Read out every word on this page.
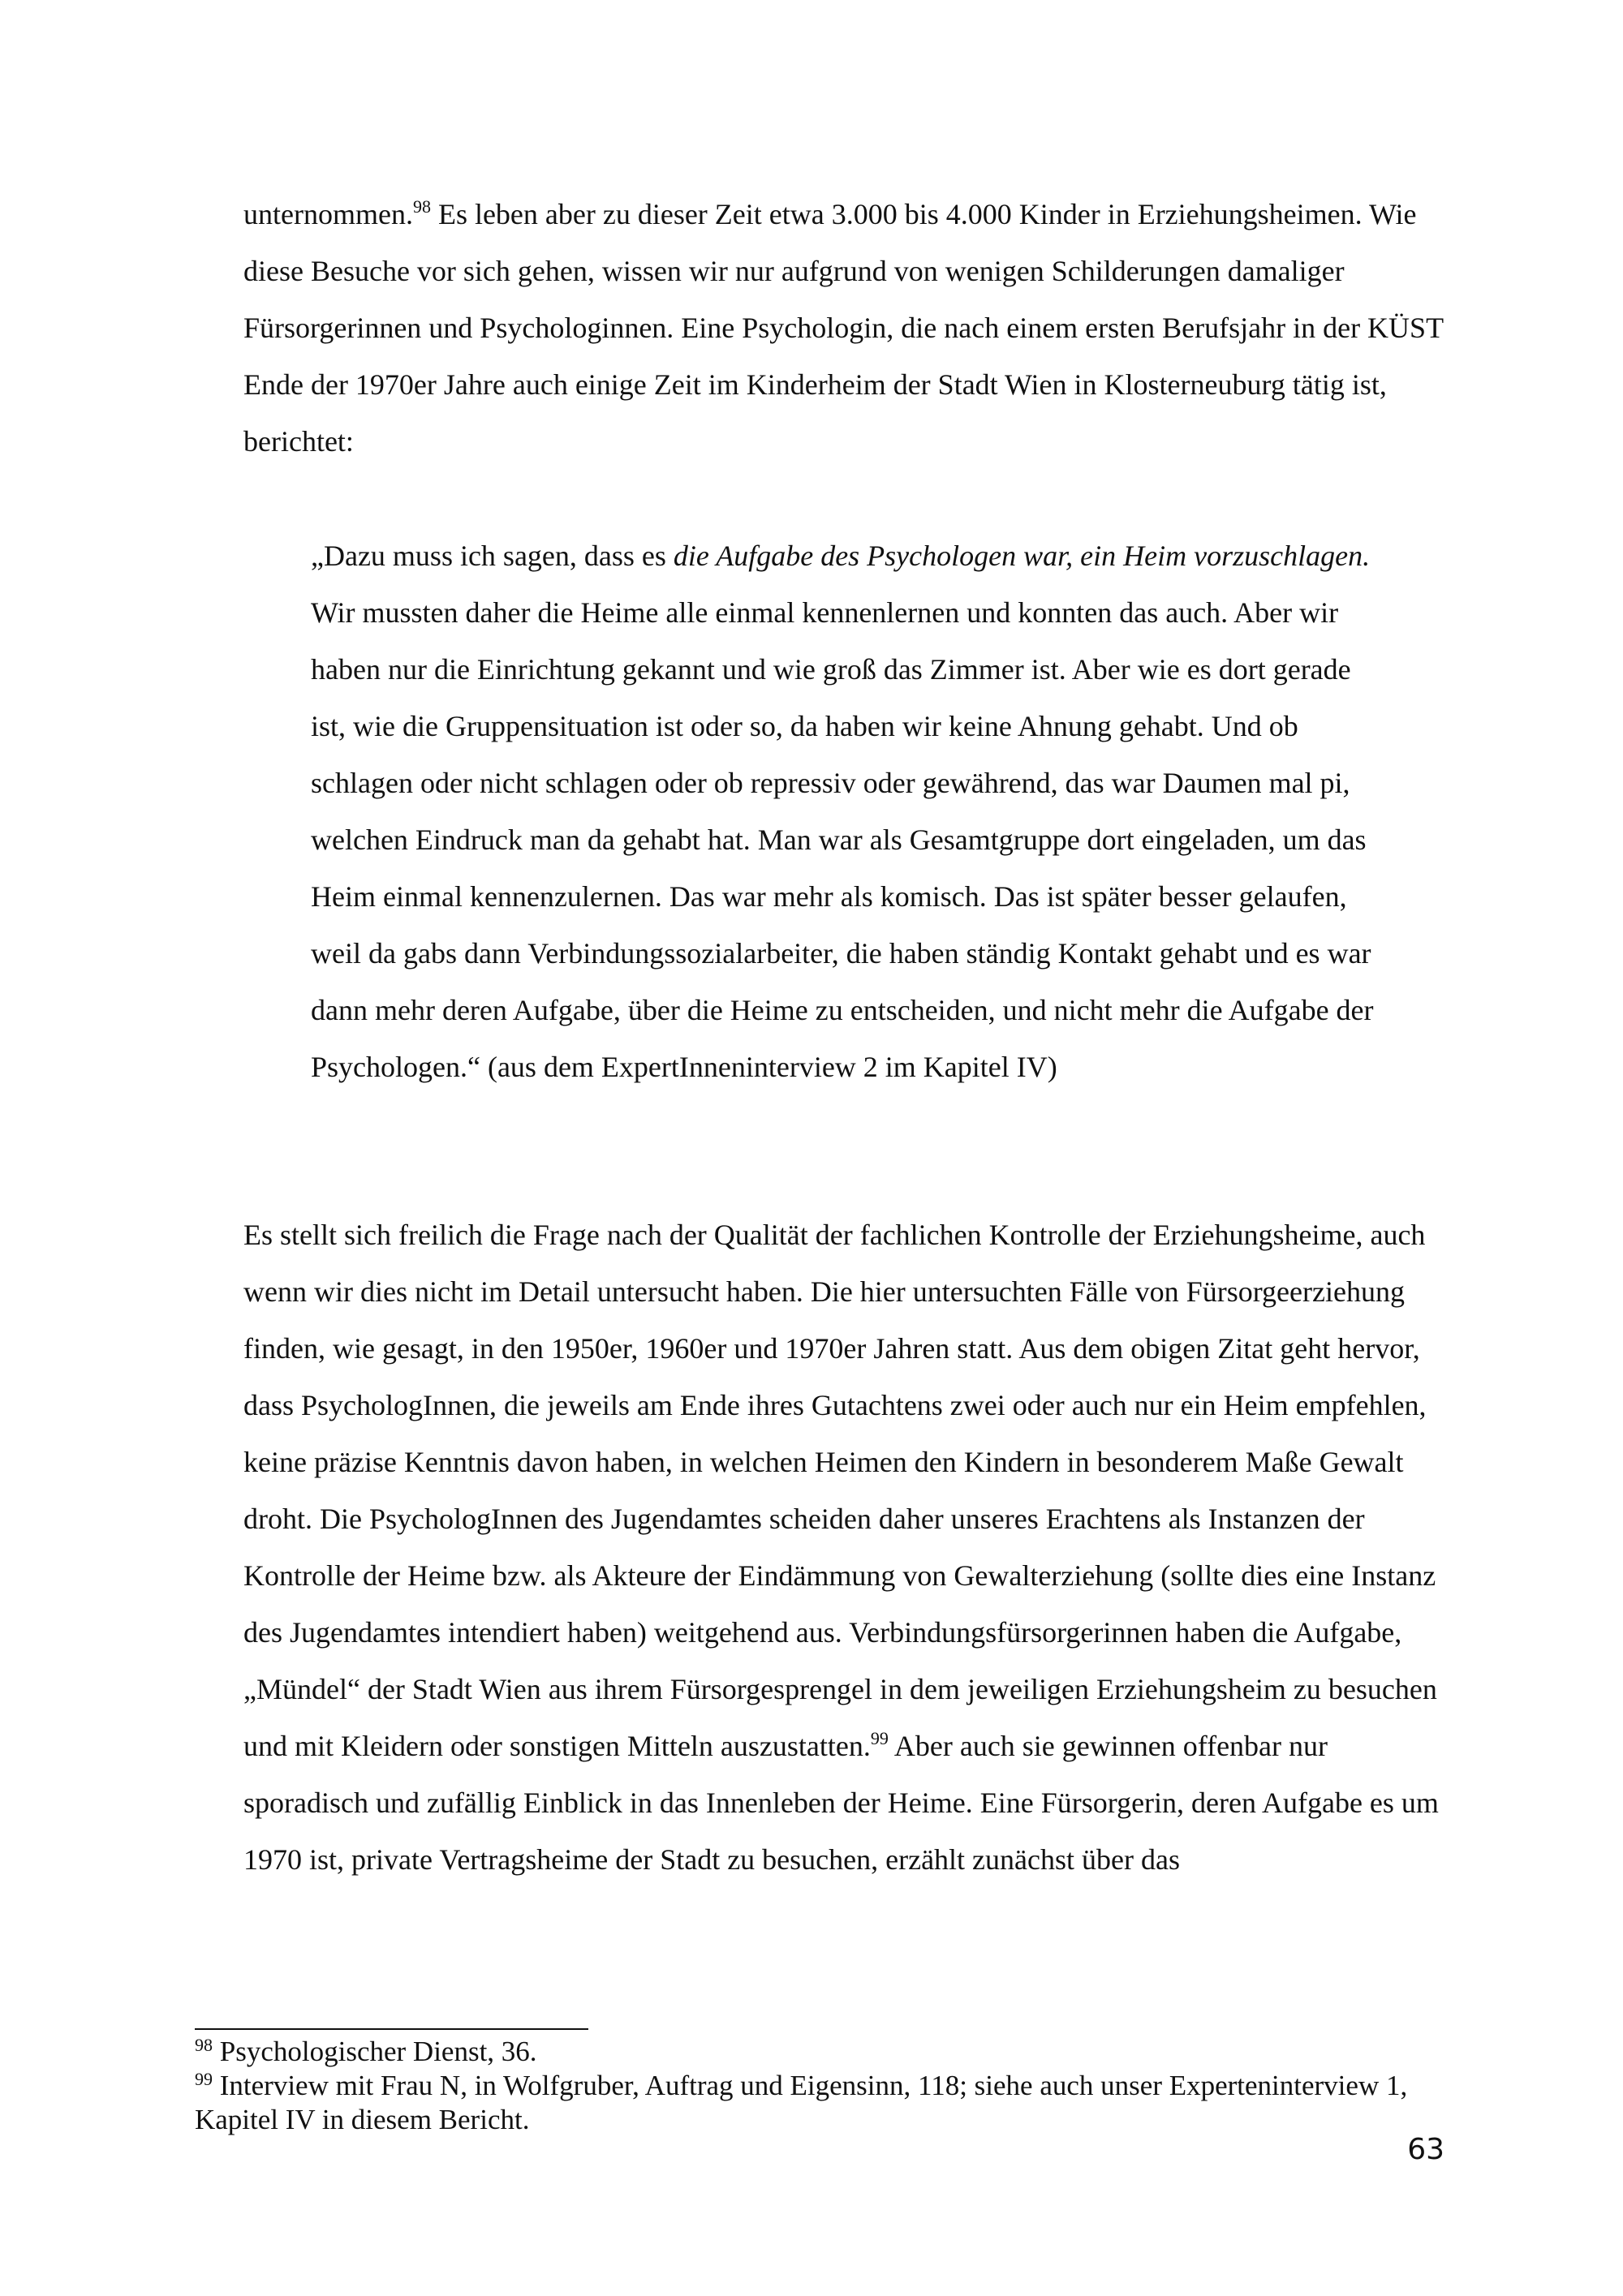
unternommen.$^{98}$ Es leben aber zu dieser Zeit etwa 3.000 bis 4.000 Kinder in Erziehungsheimen. Wie diese Besuche vor sich gehen, wissen wir nur aufgrund von wenigen Schilderungen damaliger Fürsorgerinnen und Psychologinnen. Eine Psychologin, die nach einem ersten Berufsjahr in der KÜST Ende der 1970er Jahre auch einige Zeit im Kinderheim der Stadt Wien in Klosterneuburg tätig ist, berichtet:

„Dazu muss ich sagen, dass es die Aufgabe des Psychologen war, ein Heim vorzuschlagen. Wir mussten daher die Heime alle einmal kennenlernen und konnten das auch. Aber wir haben nur die Einrichtung gekannt und wie groß das Zimmer ist. Aber wie es dort gerade ist, wie die Gruppensituation ist oder so, da haben wir keine Ahnung gehabt. Und ob schlagen oder nicht schlagen oder ob repressiv oder gewährend, das war Daumen mal pi, welchen Eindruck man da gehabt hat. Man war als Gesamtgruppe dort eingeladen, um das Heim einmal kennenzulernen. Das war mehr als komisch. Das ist später besser gelaufen, weil da gabs dann Verbindungssozialarbeiter, die haben ständig Kontakt gehabt und es war dann mehr deren Aufgabe, über die Heime zu entscheiden, und nicht mehr die Aufgabe der Psychologen.“ (aus dem ExpertInneninterview 2 im Kapitel IV)

Es stellt sich freilich die Frage nach der Qualität der fachlichen Kontrolle der Erziehungsheime, auch wenn wir dies nicht im Detail untersucht haben. Die hier untersuchten Fälle von Fürsorgeerziehung finden, wie gesagt, in den 1950er, 1960er und 1970er Jahren statt. Aus dem obigen Zitat geht hervor, dass PsychologInnen, die jeweils am Ende ihres Gutachtens zwei oder auch nur ein Heim empfehlen, keine präzise Kenntnis davon haben, in welchen Heimen den Kindern in besonderem Maße Gewalt droht. Die PsychologInnen des Jugendamtes scheiden daher unseres Erachtens als Instanzen der Kontrolle der Heime bzw. als Akteure der Eindämmung von Gewalterziehung (sollte dies eine Instanz des Jugendamtes intendiert haben) weitgehend aus. Verbindungsfürsorgerinnen haben die Aufgabe, „Mündel“ der Stadt Wien aus ihrem Fürsorgesprengel in dem jeweiligen Erziehungsheim zu besuchen und mit Kleidern oder sonstigen Mitteln auszustatten.$^{99}$ Aber auch sie gewinnen offenbar nur sporadisch und zufällig Einblick in das Innenleben der Heime. Eine Fürsorgerin, deren Aufgabe es um 1970 ist, private Vertragsheime der Stadt zu besuchen, erzählt zunächst über das

$^{98}$ Psychologischer Dienst, 36.

$^{99}$ Interview mit Frau N, in Wolfgruber, Auftrag und Eigensinn, 118; siehe auch unser Experteninterview 1, Kapitel IV in diesem Bericht.

63
